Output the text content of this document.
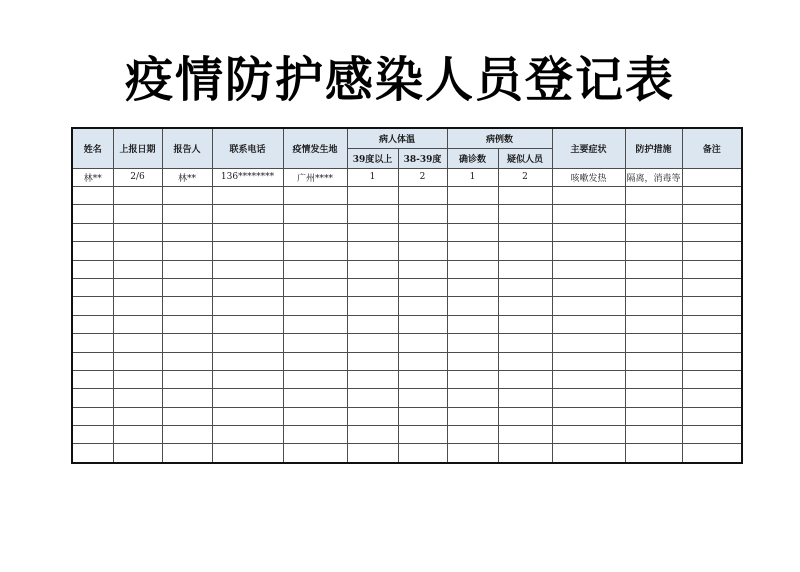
疫情防护感染人员登记表
姓名	上报日期	报告人	联系电话	疫情发生地	病人体温		病例数		主要症状	防护措施	备注
					39度以上	38-39度	确诊数	疑似人员			
林**	2/6	林**	136********	广州****	1	2	1	2	咳嗽发热	隔离，消毒等	
